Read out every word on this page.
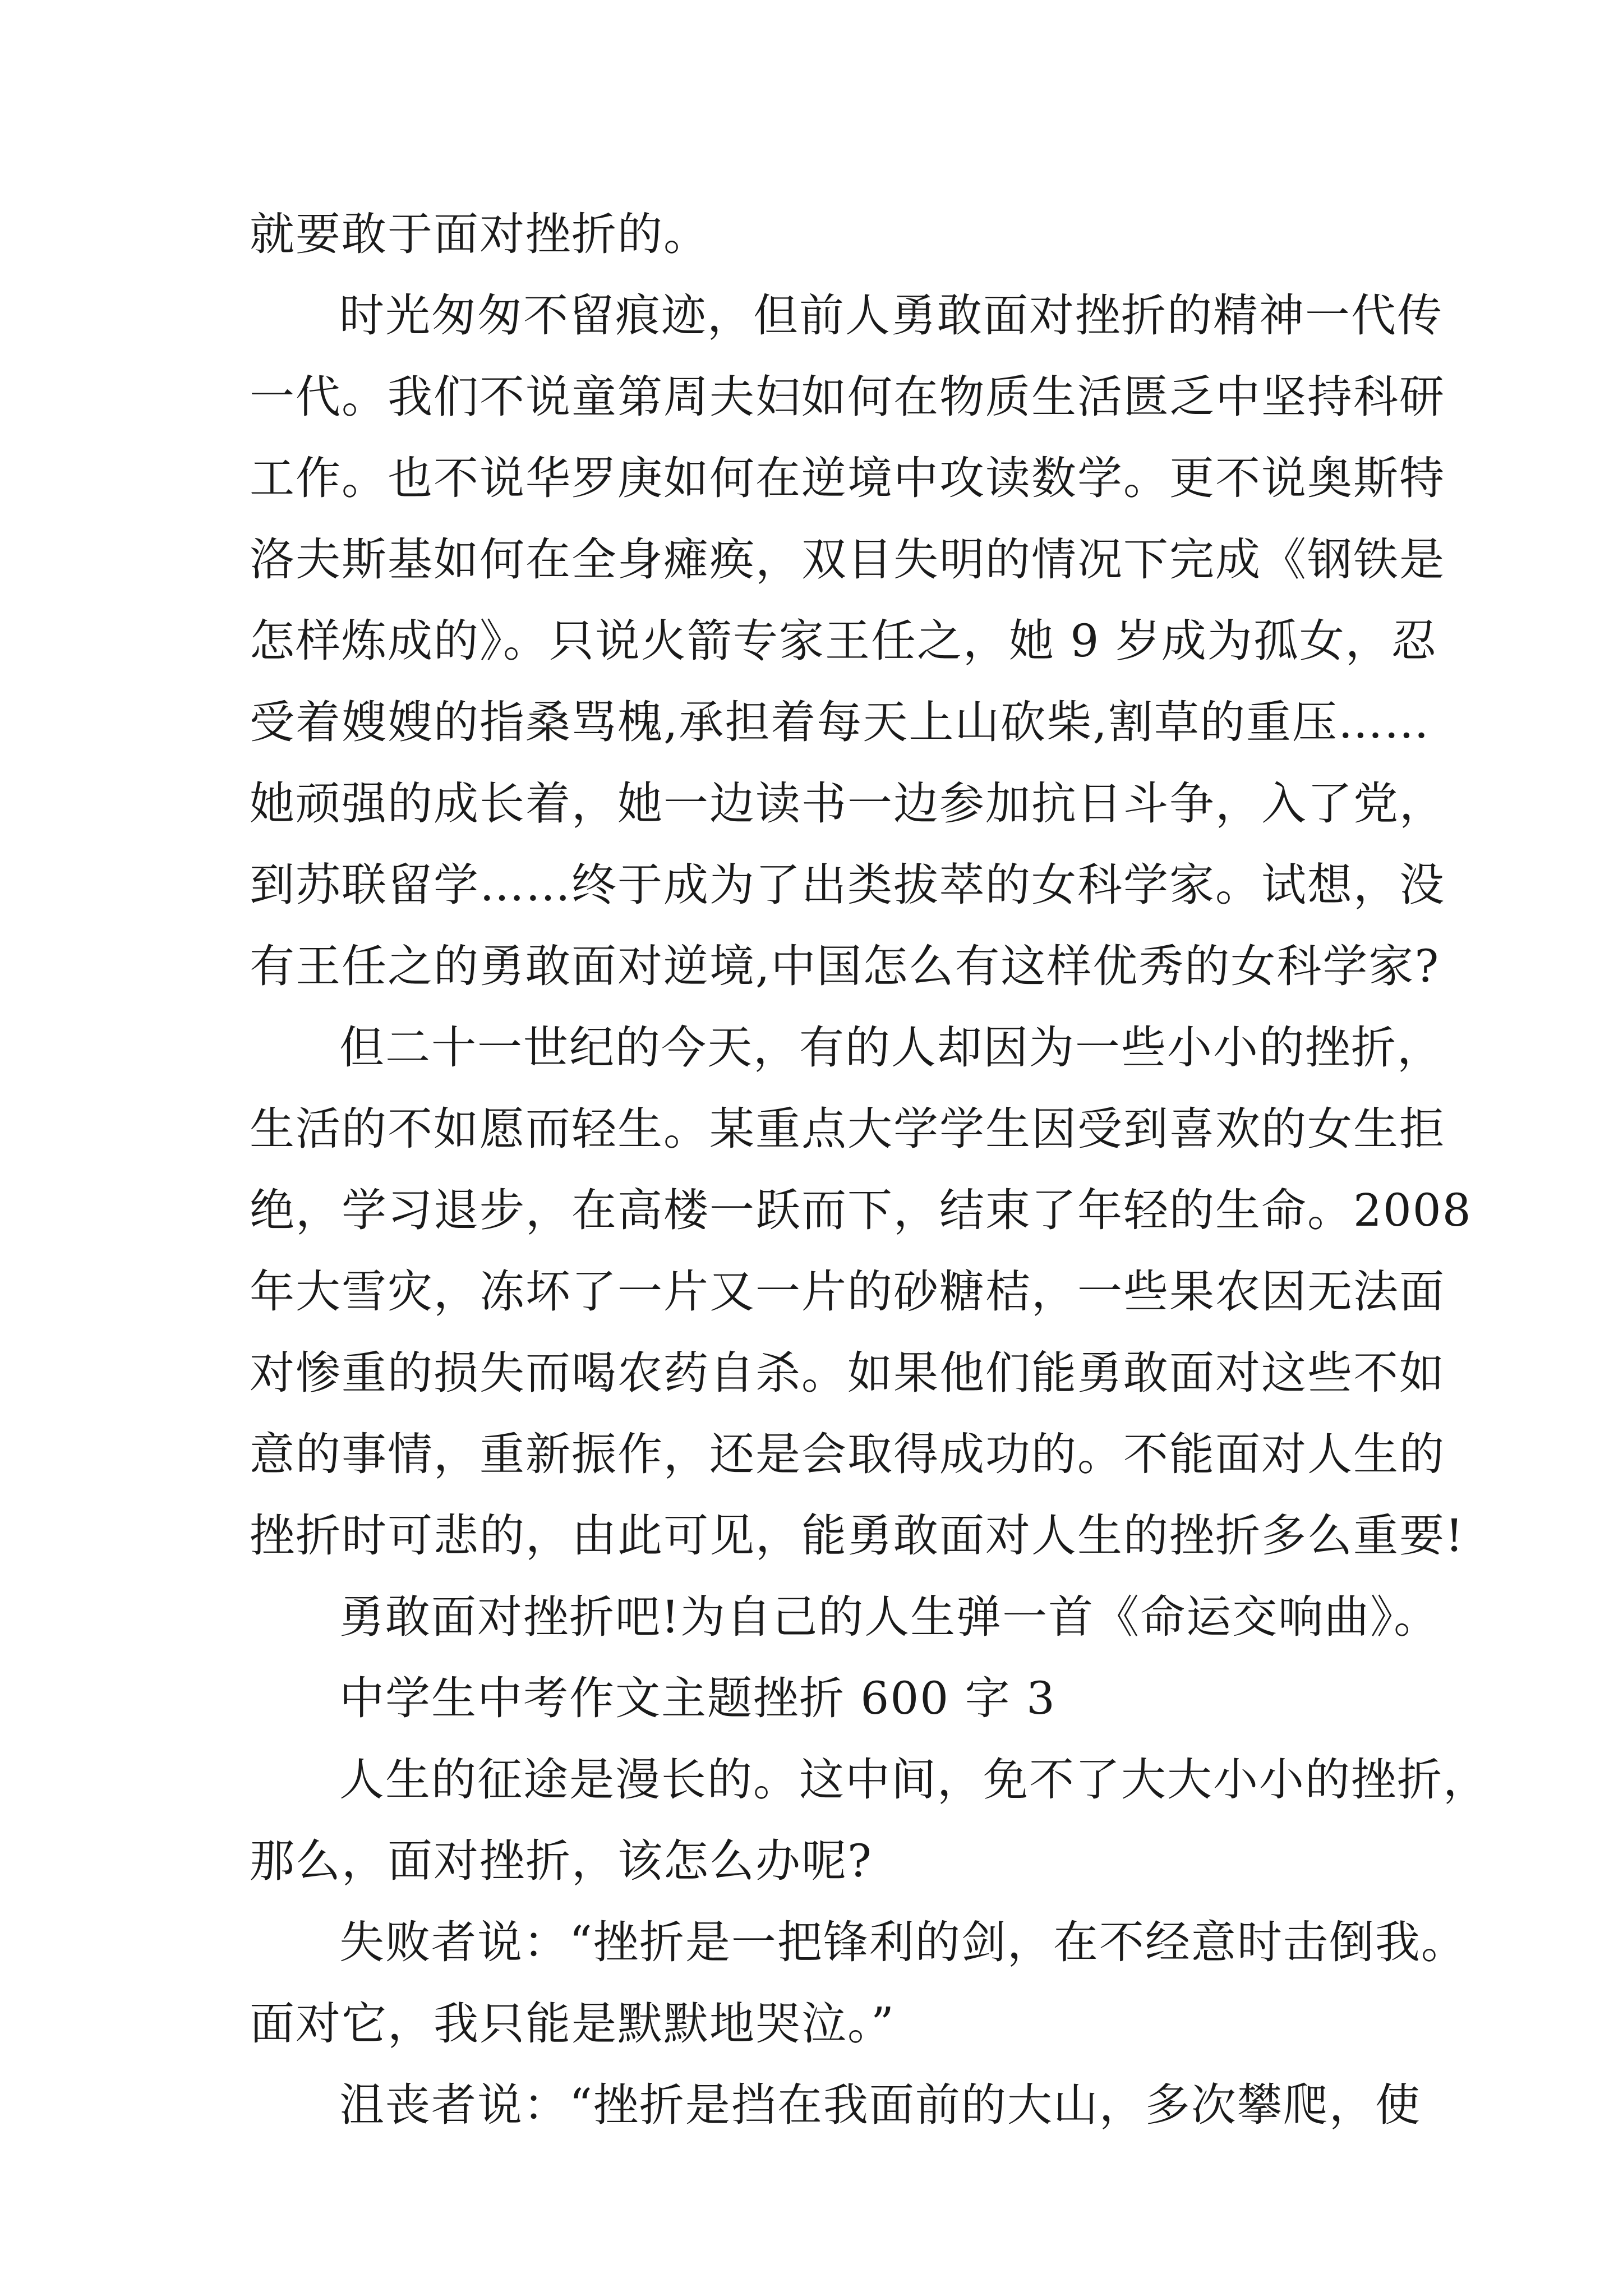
就要敢于面对挫折的。
时光匆匆不留痕迹，但前人勇敢面对挫折的精神一代传
一代。我们不说童第周夫妇如何在物质生活匮乏中坚持科研
工作。也不说华罗庚如何在逆境中攻读数学。更不说奥斯特
洛夫斯基如何在全身瘫痪，双目失明的情况下完成《钢铁是
怎样炼成的》。只说火箭专家王任之，她 9 岁成为孤女，忍
受着嫂嫂的指桑骂槐,承担着每天上山砍柴,割草的重压……
她顽强的成长着，她一边读书一边参加抗日斗争，入了党，
到苏联留学……终于成为了出类拔萃的女科学家。试想，没
有王任之的勇敢面对逆境,中国怎么有这样优秀的女科学家?
但二十一世纪的今天，有的人却因为一些小小的挫折，
生活的不如愿而轻生。某重点大学学生因受到喜欢的女生拒
绝，学习退步，在高楼一跃而下，结束了年轻的生命。2008
年大雪灾，冻坏了一片又一片的砂糖桔，一些果农因无法面
对惨重的损失而喝农药自杀。如果他们能勇敢面对这些不如
意的事情，重新振作，还是会取得成功的。不能面对人生的
挫折时可悲的，由此可见，能勇敢面对人生的挫折多么重要!
勇敢面对挫折吧!为自己的人生弹一首《命运交响曲》。
中学生中考作文主题挫折 600 字 3
人生的征途是漫长的。这中间，免不了大大小小的挫折，
那么，面对挫折，该怎么办呢?
失败者说：“挫折是一把锋利的剑，在不经意时击倒我。
面对它，我只能是默默地哭泣。”
沮丧者说：“挫折是挡在我面前的大山，多次攀爬，使
